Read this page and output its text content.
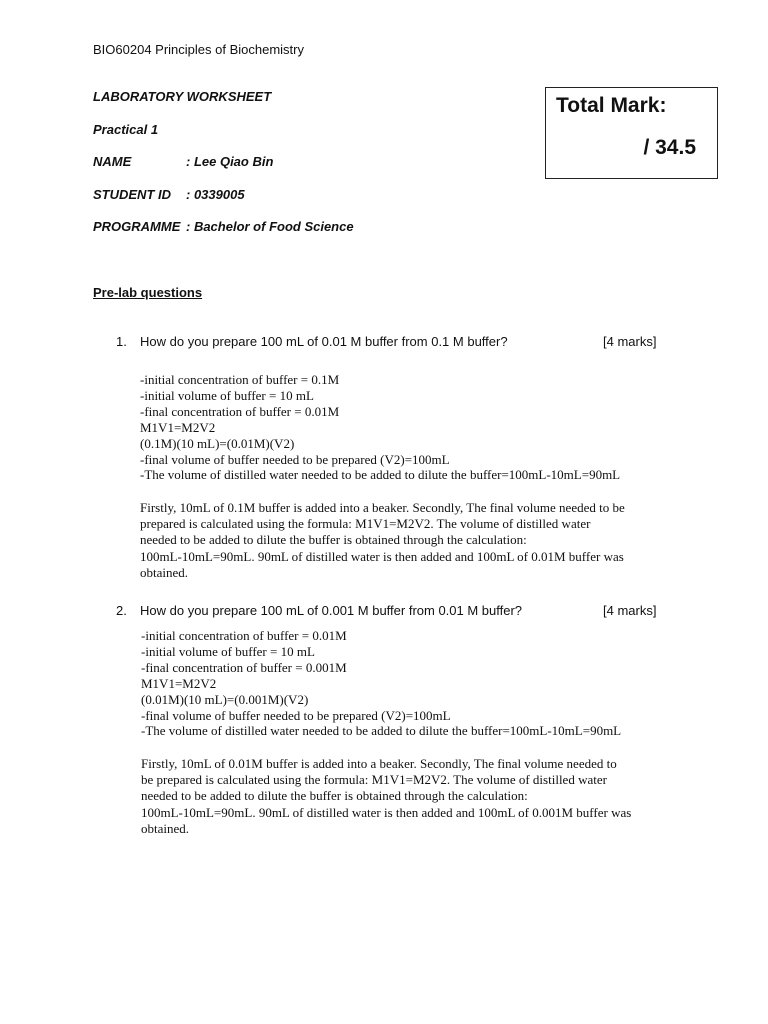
BIO60204 Principles of Biochemistry
LABORATORY WORKSHEET
Practical 1
NAME	: Lee Qiao Bin
STUDENT ID : 0339005
PROGRAMME : Bachelor of Food Science
Total Mark:
/ 34.5
Pre-lab questions
1. How do you prepare 100 mL of 0.01 M buffer from 0.1 M buffer?	[4 marks]
-initial concentration of buffer = 0.1M
-initial volume of buffer = 10 mL
-final concentration of buffer = 0.01M
M1V1=M2V2
(0.1M)(10 mL)=(0.01M)(V2)
-final volume of buffer needed to be prepared (V2)=100mL
-The volume of distilled water needed to be added to dilute the buffer=100mL-10mL=90mL
Firstly, 10mL of 0.1M buffer is added into a beaker. Secondly, The final volume needed to be
prepared is calculated using the formula: M1V1=M2V2. The volume of distilled water
needed to be added to dilute the buffer is obtained through the calculation:
100mL-10mL=90mL. 90mL of distilled water is then added and 100mL of 0.01M buffer was
obtained.
2. How do you prepare 100 mL of 0.001 M buffer from 0.01 M buffer?	[4 marks]
-initial concentration of buffer = 0.01M
-initial volume of buffer = 10 mL
-final concentration of buffer = 0.001M
M1V1=M2V2
(0.01M)(10 mL)=(0.001M)(V2)
-final volume of buffer needed to be prepared (V2)=100mL
-The volume of distilled water needed to be added to dilute the buffer=100mL-10mL=90mL
Firstly, 10mL of 0.01M buffer is added into a beaker. Secondly, The final volume needed to
be prepared is calculated using the formula: M1V1=M2V2. The volume of distilled water
needed to be added to dilute the buffer is obtained through the calculation:
100mL-10mL=90mL. 90mL of distilled water is then added and 100mL of 0.001M buffer was
obtained.
